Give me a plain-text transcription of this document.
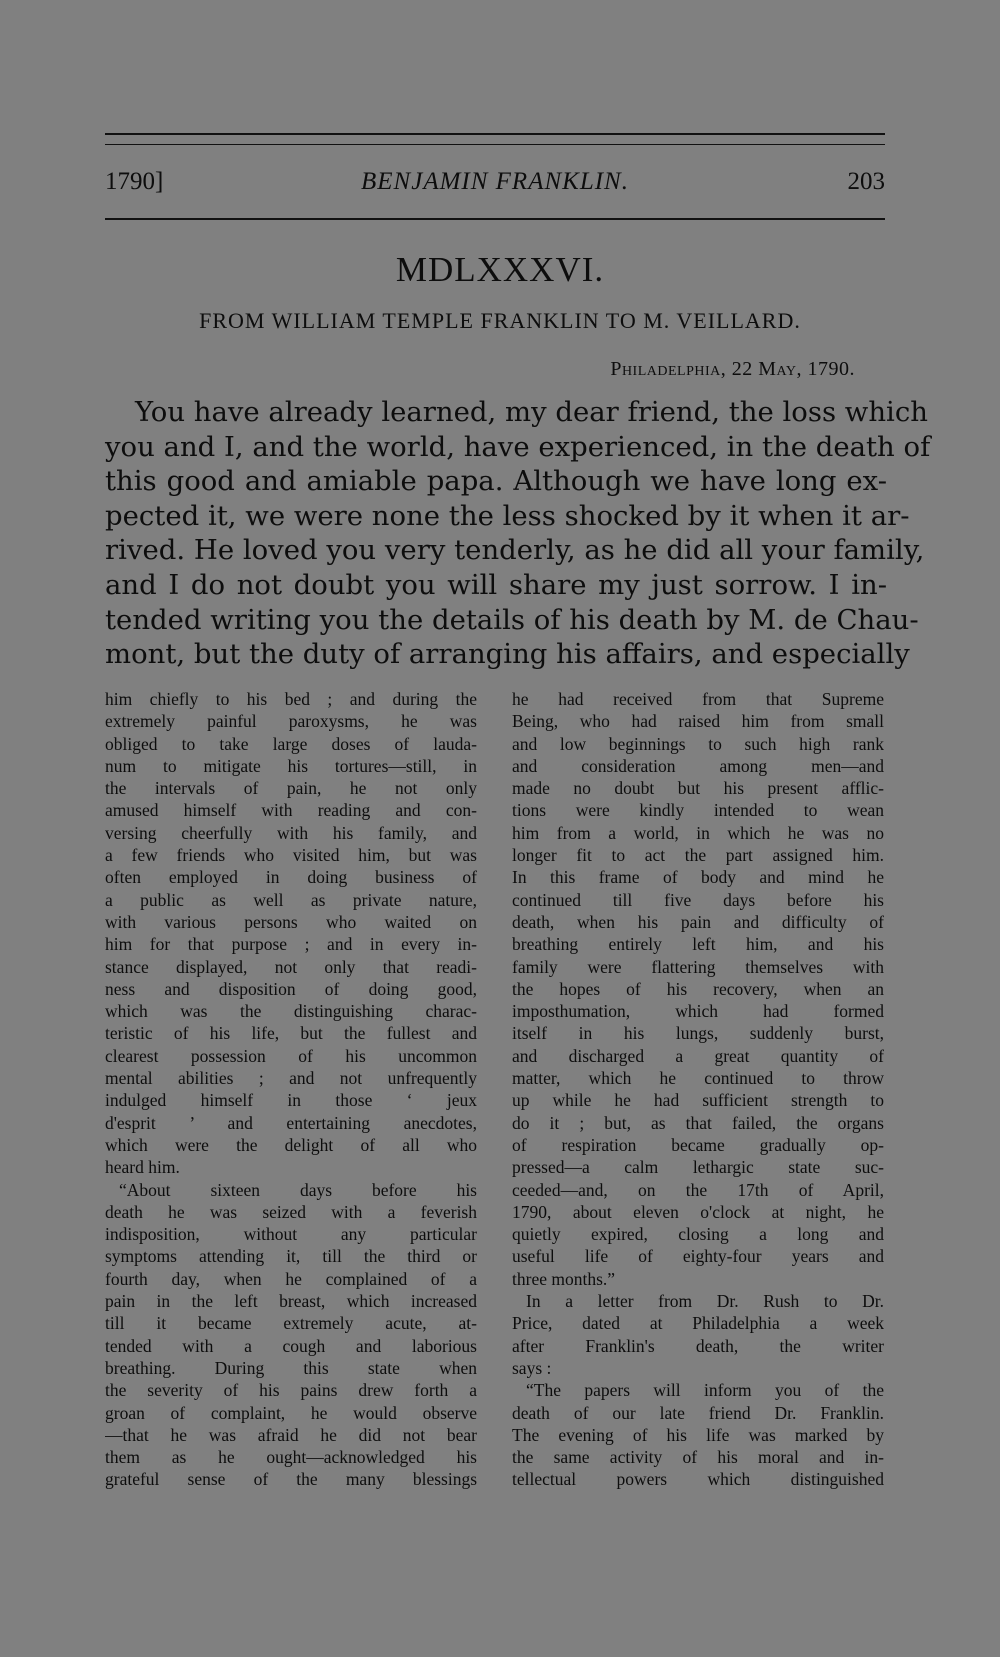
1790]	BENJAMIN FRANKLIN.	203
MDLXXXVI.
FROM WILLIAM TEMPLE FRANKLIN TO M. VEILLARD.
Philadelphia, 22 May, 1790.
You have already learned, my dear friend, the loss which
you and I, and the world, have experienced, in the death of
this good and amiable papa. Although we have long ex-
pected it, we were none the less shocked by it when it ar-
rived. He loved you very tenderly, as he did all your family,
and I do not doubt you will share my just sorrow. I in-
tended writing you the details of his death by M. de Chau-
mont, but the duty of arranging his affairs, and especially
him chiefly to his bed ; and during the
extremely painful paroxysms, he was
obliged to take large doses of lauda-
num to mitigate his tortures—still, in
the intervals of pain, he not only
amused himself with reading and con-
versing cheerfully with his family, and
a few friends who visited him, but was
often employed in doing business of
a public as well as private nature,
with various persons who waited on
him for that purpose ; and in every in-
stance displayed, not only that readi-
ness and disposition of doing good,
which was the distinguishing charac-
teristic of his life, but the fullest and
clearest possession of his uncommon
mental abilities ; and not unfrequently
indulged himself in those ‘ jeux
d'esprit ’ and entertaining anecdotes,
which were the delight of all who
heard him.
“About sixteen days before his
death he was seized with a feverish
indisposition, without any particular
symptoms attending it, till the third or
fourth day, when he complained of a
pain in the left breast, which increased
till it became extremely acute, at-
tended with a cough and laborious
breathing. During this state when
the severity of his pains drew forth a
groan of complaint, he would observe
—that he was afraid he did not bear
them as he ought—acknowledged his
grateful sense of the many blessings
he had received from that Supreme
Being, who had raised him from small
and low beginnings to such high rank
and consideration among men—and
made no doubt but his present afflic-
tions were kindly intended to wean
him from a world, in which he was no
longer fit to act the part assigned him.
In this frame of body and mind he
continued till five days before his
death, when his pain and difficulty of
breathing entirely left him, and his
family were flattering themselves with
the hopes of his recovery, when an
imposthumation, which had formed
itself in his lungs, suddenly burst,
and discharged a great quantity of
matter, which he continued to throw
up while he had sufficient strength to
do it ; but, as that failed, the organs
of respiration became gradually op-
pressed—a calm lethargic state suc-
ceeded—and, on the 17th of April,
1790, about eleven o'clock at night, he
quietly expired, closing a long and
useful life of eighty-four years and
three months.”
In a letter from Dr. Rush to Dr.
Price, dated at Philadelphia a week
after Franklin's death, the writer
says :
“The papers will inform you of the
death of our late friend Dr. Franklin.
The evening of his life was marked by
the same activity of his moral and in-
tellectual powers which distinguished
